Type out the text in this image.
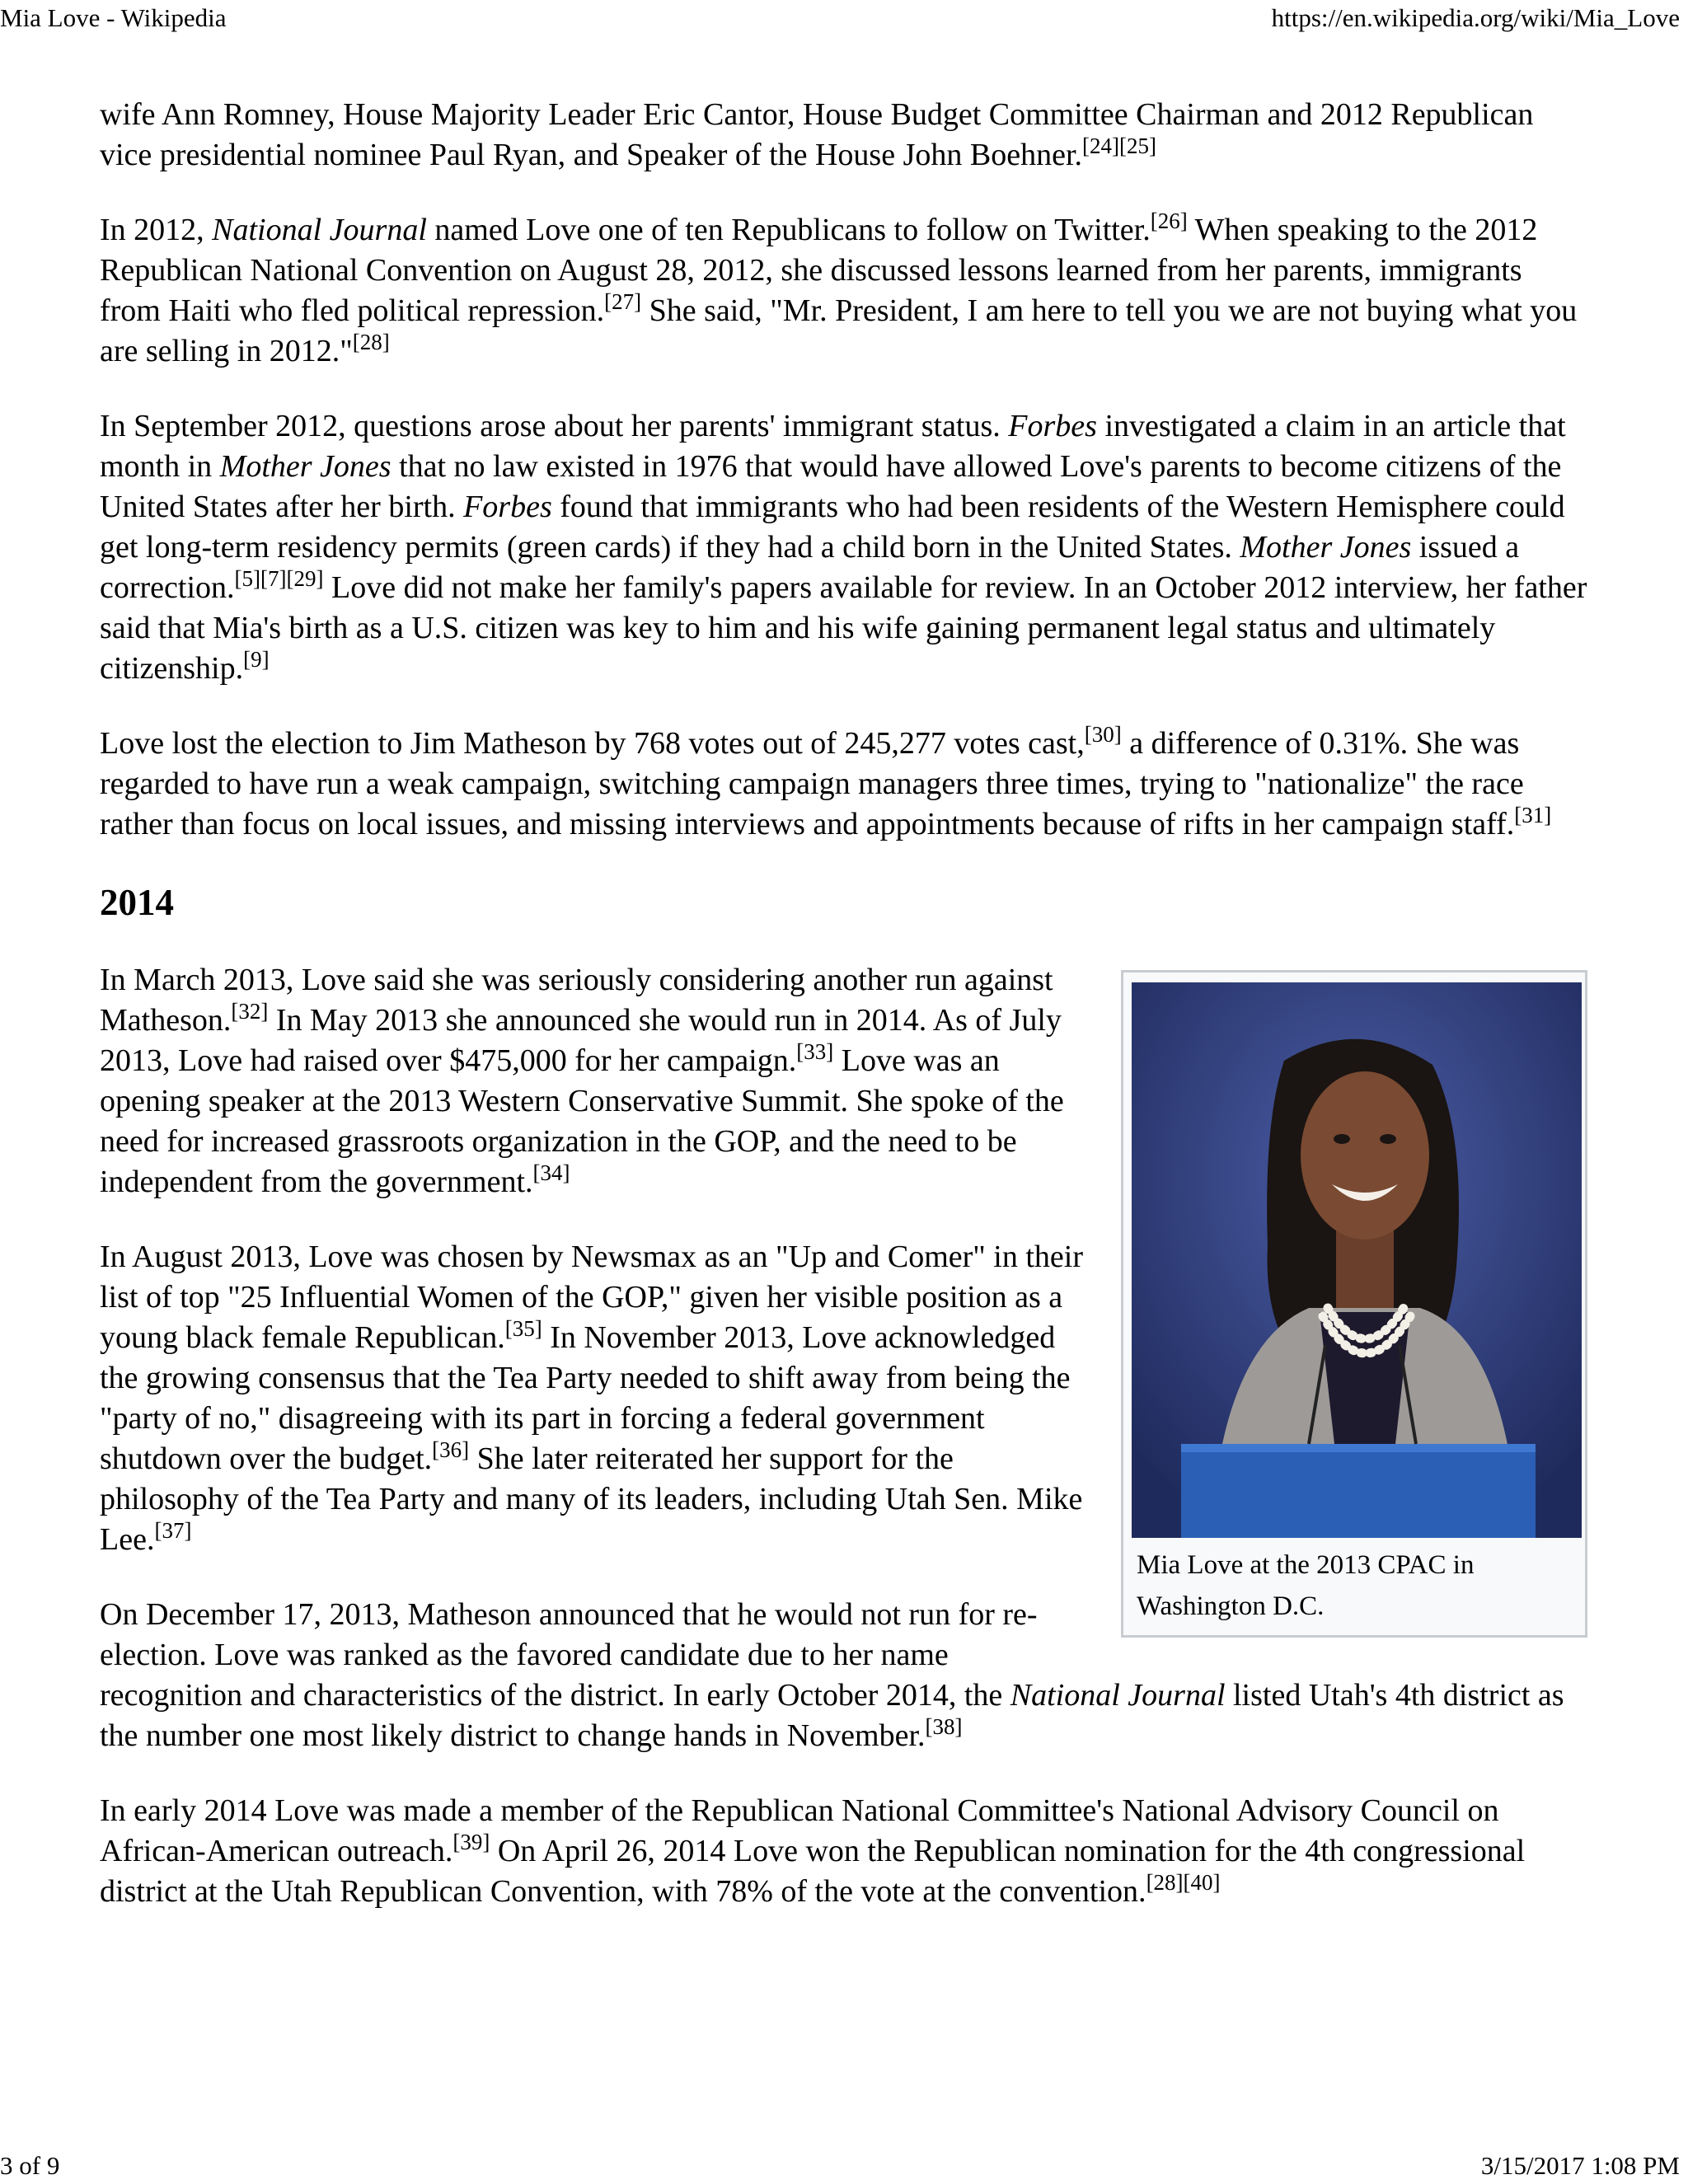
Mia Love - Wikipedia	https://en.wikipedia.org/wiki/Mia_Love

wife Ann Romney, House Majority Leader Eric Cantor, House Budget Committee Chairman and 2012 Republican vice presidential nominee Paul Ryan, and Speaker of the House John Boehner.[24][25]

In 2012, National Journal named Love one of ten Republicans to follow on Twitter.[26] When speaking to the 2012 Republican National Convention on August 28, 2012, she discussed lessons learned from her parents, immigrants from Haiti who fled political repression.[27] She said, "Mr. President, I am here to tell you we are not buying what you are selling in 2012."[28]

In September 2012, questions arose about her parents' immigrant status. Forbes investigated a claim in an article that month in Mother Jones that no law existed in 1976 that would have allowed Love's parents to become citizens of the United States after her birth. Forbes found that immigrants who had been residents of the Western Hemisphere could get long-term residency permits (green cards) if they had a child born in the United States. Mother Jones issued a correction.[5][7][29] Love did not make her family's papers available for review. In an October 2012 interview, her father said that Mia's birth as a U.S. citizen was key to him and his wife gaining permanent legal status and ultimately citizenship.[9]

Love lost the election to Jim Matheson by 768 votes out of 245,277 votes cast,[30] a difference of 0.31%. She was regarded to have run a weak campaign, switching campaign managers three times, trying to "nationalize" the race rather than focus on local issues, and missing interviews and appointments because of rifts in her campaign staff.[31]

2014
Mia Love at the 2013 CPAC in Washington D.C.

In March 2013, Love said she was seriously considering another run against Matheson.[32] In May 2013 she announced she would run in 2014. As of July 2013, Love had raised over $475,000 for her campaign.[33] Love was an opening speaker at the 2013 Western Conservative Summit. She spoke of the need for increased grassroots organization in the GOP, and the need to be independent from the government.[34]

In August 2013, Love was chosen by Newsmax as an "Up and Comer" in their list of top "25 Influential Women of the GOP," given her visible position as a young black female Republican.[35] In November 2013, Love acknowledged the growing consensus that the Tea Party needed to shift away from being the "party of no," disagreeing with its part in forcing a federal government shutdown over the budget.[36] She later reiterated her support for the philosophy of the Tea Party and many of its leaders, including Utah Sen. Mike Lee.[37]

On December 17, 2013, Matheson announced that he would not run for re-election. Love was ranked as the favored candidate due to her name recognition and characteristics of the district. In early October 2014, the National Journal listed Utah's 4th district as the number one most likely district to change hands in November.[38]

In early 2014 Love was made a member of the Republican National Committee's National Advisory Council on African-American outreach.[39] On April 26, 2014 Love won the Republican nomination for the 4th congressional district at the Utah Republican Convention, with 78% of the vote at the convention.[28][40]

3 of 9	3/15/2017 1:08 PM
